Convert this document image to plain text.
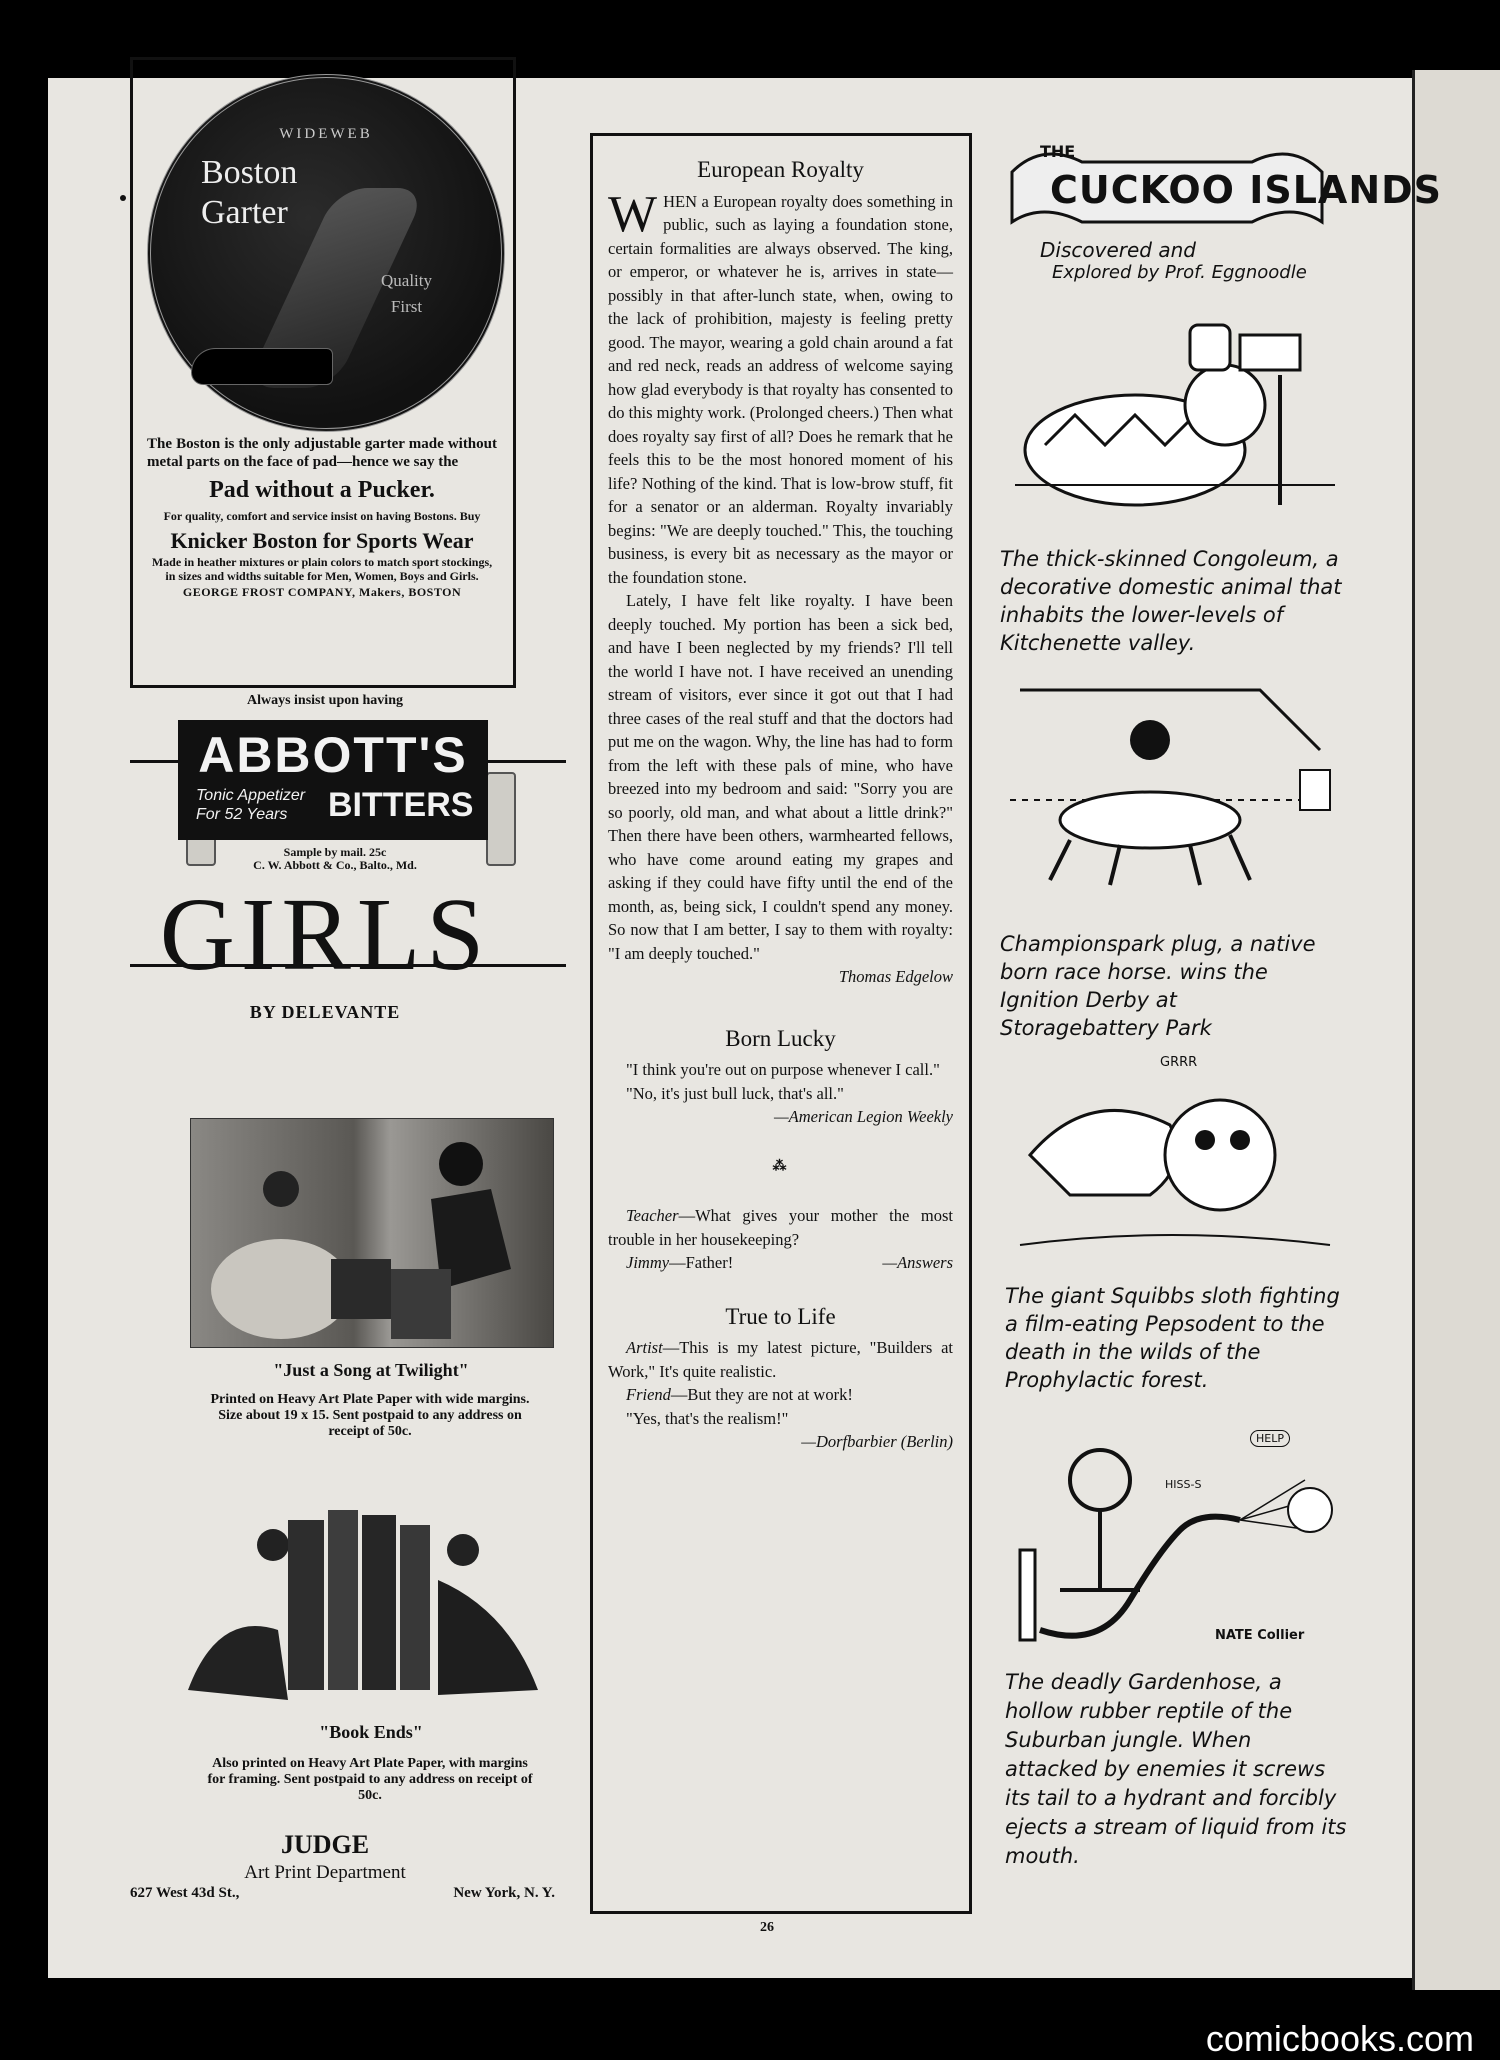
WIDEWEB
Boston
Garter
Quality
First
The Boston is the only adjustable garter made without metal parts on the face of pad—hence we say the
Pad without a Pucker.
For quality, comfort and service insist on having Bostons. Buy
Knicker Boston for Sports Wear
Made in heather mixtures or plain colors to match sport stockings, in sizes and widths suitable for Men, Women, Boys and Girls.
GEORGE FROST COMPANY, Makers, BOSTON
Always insist upon having
ABBOTT'S
Tonic Appetizer
For 52 Years	BITTERS
Sample by mail. 25c
C. W. Abbott & Co., Balto., Md.
GIRLS
BY DELEVANTE
"Just a Song at Twilight"
Printed on Heavy Art Plate Paper with wide margins. Size about 19 x 15. Sent postpaid to any address on receipt of 50c.
"Book Ends"
Also printed on Heavy Art Plate Paper, with margins for framing. Sent postpaid to any address on receipt of 50c.
JUDGE
Art Print Department
627 West 43d St.,	New York, N. Y.
European Royalty

WHEN a European royalty does something in public, such as laying a foundation stone, certain formalities are always observed. The king, or emperor, or whatever he is, arrives in state—possibly in that after-lunch state, when, owing to the lack of prohibition, majesty is feeling pretty good. The mayor, wearing a gold chain around a fat and red neck, reads an address of welcome saying how glad everybody is that royalty has consented to do this mighty work. (Prolonged cheers.) Then what does royalty say first of all? Does he remark that he feels this to be the most honored moment of his life? Nothing of the kind. That is low-brow stuff, fit for a senator or an alderman. Royalty invariably begins: "We are deeply touched." This, the touching business, is every bit as necessary as the mayor or the foundation stone.

Lately, I have felt like royalty. I have been deeply touched. My portion has been a sick bed, and have I been neglected by my friends? I'll tell the world I have not. I have received an unending stream of visitors, ever since it got out that I had three cases of the real stuff and that the doctors had put me on the wagon. Why, the line has had to form from the left with these pals of mine, who have breezed into my bedroom and said: "Sorry you are so poorly, old man, and what about a little drink?" Then there have been others, warmhearted fellows, who have come around eating my grapes and asking if they could have fifty until the end of the month, as, being sick, I couldn't spend any money. So now that I am better, I say to them with royalty: "I am deeply touched."

Thomas Edgelow
Born Lucky

"I think you're out on purpose whenever I call."

"No, it's just bull luck, that's all."

—American Legion Weekly
⁂

Teacher—What gives your mother the most trouble in her housekeeping?

Jimmy—Father!	—Answers

True to Life

Artist—This is my latest picture, "Builders at Work," It's quite realistic.

Friend—But they are not at work!

"Yes, that's the realism!"

—Dorfbarbier (Berlin)
THE
CUCKOO ISLANDS
Discovered and
Explored by Prof. Eggnoodle
The thick-skinned Congoleum, a decorative domestic animal that inhabits the lower-levels of Kitchenette valley.
Championspark plug, a native born race horse. wins the Ignition Derby at Storagebattery Park
GRRR
The giant Squibbs sloth fighting a film-eating Pepsodent to the death in the wilds of the Prophylactic forest.
HELP
HISS-S
NATE Collier
The deadly Gardenhose, a hollow rubber reptile of the Suburban jungle. When attacked by enemies it screws its tail to a hydrant and forcibly ejects a stream of liquid from its mouth.
26
comicbooks.com
